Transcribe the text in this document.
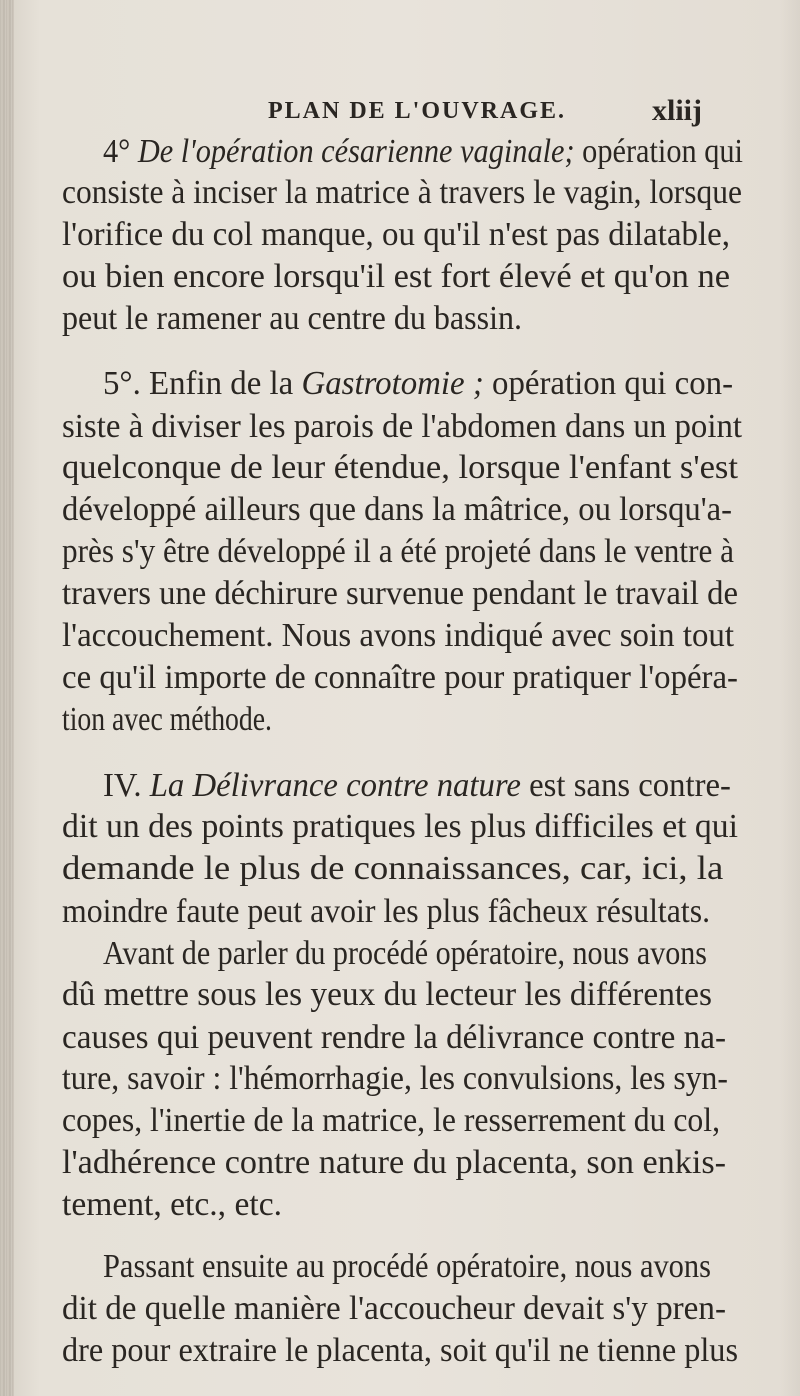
PLAN DE L'OUVRAGE.	xliij
4° De l'opération césarienne vaginale; opération qui
consiste à inciser la matrice à travers le vagin, lorsque
l'orifice du col manque, ou qu'il n'est pas dilatable,
ou bien encore lorsqu'il est fort élevé et qu'on ne
peut le ramener au centre du bassin.
5°. Enfin de la Gastrotomie ; opération qui con-
siste à diviser les parois de l'abdomen dans un point
quelconque de leur étendue, lorsque l'enfant s'est
développé ailleurs que dans la mâtrice, ou lorsqu'a-
près s'y être développé il a été projeté dans le ventre à
travers une déchirure survenue pendant le travail de
l'accouchement. Nous avons indiqué avec soin tout
ce qu'il importe de connaître pour pratiquer l'opéra-
tion avec méthode.
IV. La Délivrance contre nature est sans contre-
dit un des points pratiques les plus difficiles et qui
demande le plus de connaissances, car, ici, la
moindre faute peut avoir les plus fâcheux résultats.
Avant de parler du procédé opératoire, nous avons
dû mettre sous les yeux du lecteur les différentes
causes qui peuvent rendre la délivrance contre na-
ture, savoir : l'hémorrhagie, les convulsions, les syn-
copes, l'inertie de la matrice, le resserrement du col,
l'adhérence contre nature du placenta, son enkis-
tement, etc., etc.
Passant ensuite au procédé opératoire, nous avons
dit de quelle manière l'accoucheur devait s'y pren-
dre pour extraire le placenta, soit qu'il ne tienne plus
